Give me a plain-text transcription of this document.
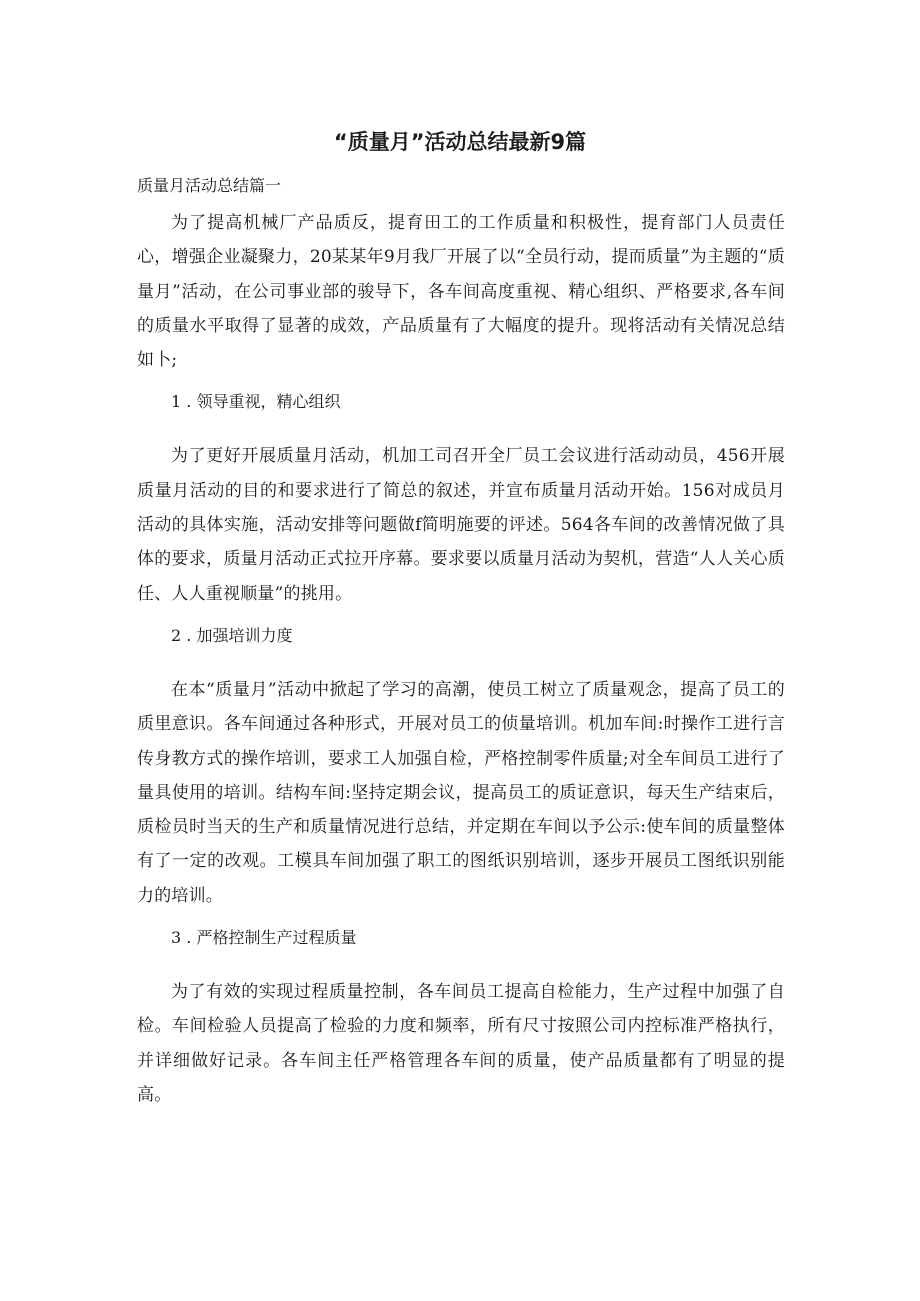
“质量月”活动总结最新9篇
质量月活动总结篇一

为了提高机械厂产品质反，提育田工的工作质量和积极性，提育部门人员责任心，增强企业凝聚力，20某某年9月我厂开展了以“全员行动，提而质量”为主题的“质量月”活动，在公司事业部的骏导下，各车间高度重视、精心组织、严格要求,各车间的质量水平取得了显著的成效，产品质量有了大幅度的提升。现将活动有关情况总结如卜;

1 . 领导重视，精心组织

为了更好开展质量月活动，机加工司召开全厂员工会议进行活动动员，456开展质量月活动的目的和要求进行了简总的叙述，并宣布质量月活动开始。156对成员月活动的具体实施，活动安排等问题做f简明施要的评述。564各车间的改善情况做了具体的要求，质量月活动正式拉开序幕。要求要以质量月活动为契机，营造“人人关心质任、人人重视顺量”的挑用。

2 . 加强培训力度

在本“质量月”活动中掀起了学习的高潮，使员工树立了质量观念，提高了员工的质里意识。各车间通过各种形式，开展对员工的侦量培训。机加车间:时操作工进行言传身教方式的操作培训，要求工人加强自检，严格控制零件质量;对全车间员工进行了量具使用的培训。结构车间:坚持定期会议，提高员工的质证意识，每天生产结束后，质检员时当天的生产和质量情况进行总结，并定期在车间以予公示:使车间的质量整体有了一定的改观。工模具车间加强了职工的图纸识别培训，逐步开展员工图纸识别能力的培训。

3 . 严格控制生产过程质量

为了有效的实现过程质量控制，各车间员工提高自检能力，生产过程中加强了自检。车间检验人员提高了检验的力度和频率，所有尺寸按照公司内控标准严格执行，并详细做好记录。各车间主任严格管理各车间的质量，使产品质量都有了明显的提高。
